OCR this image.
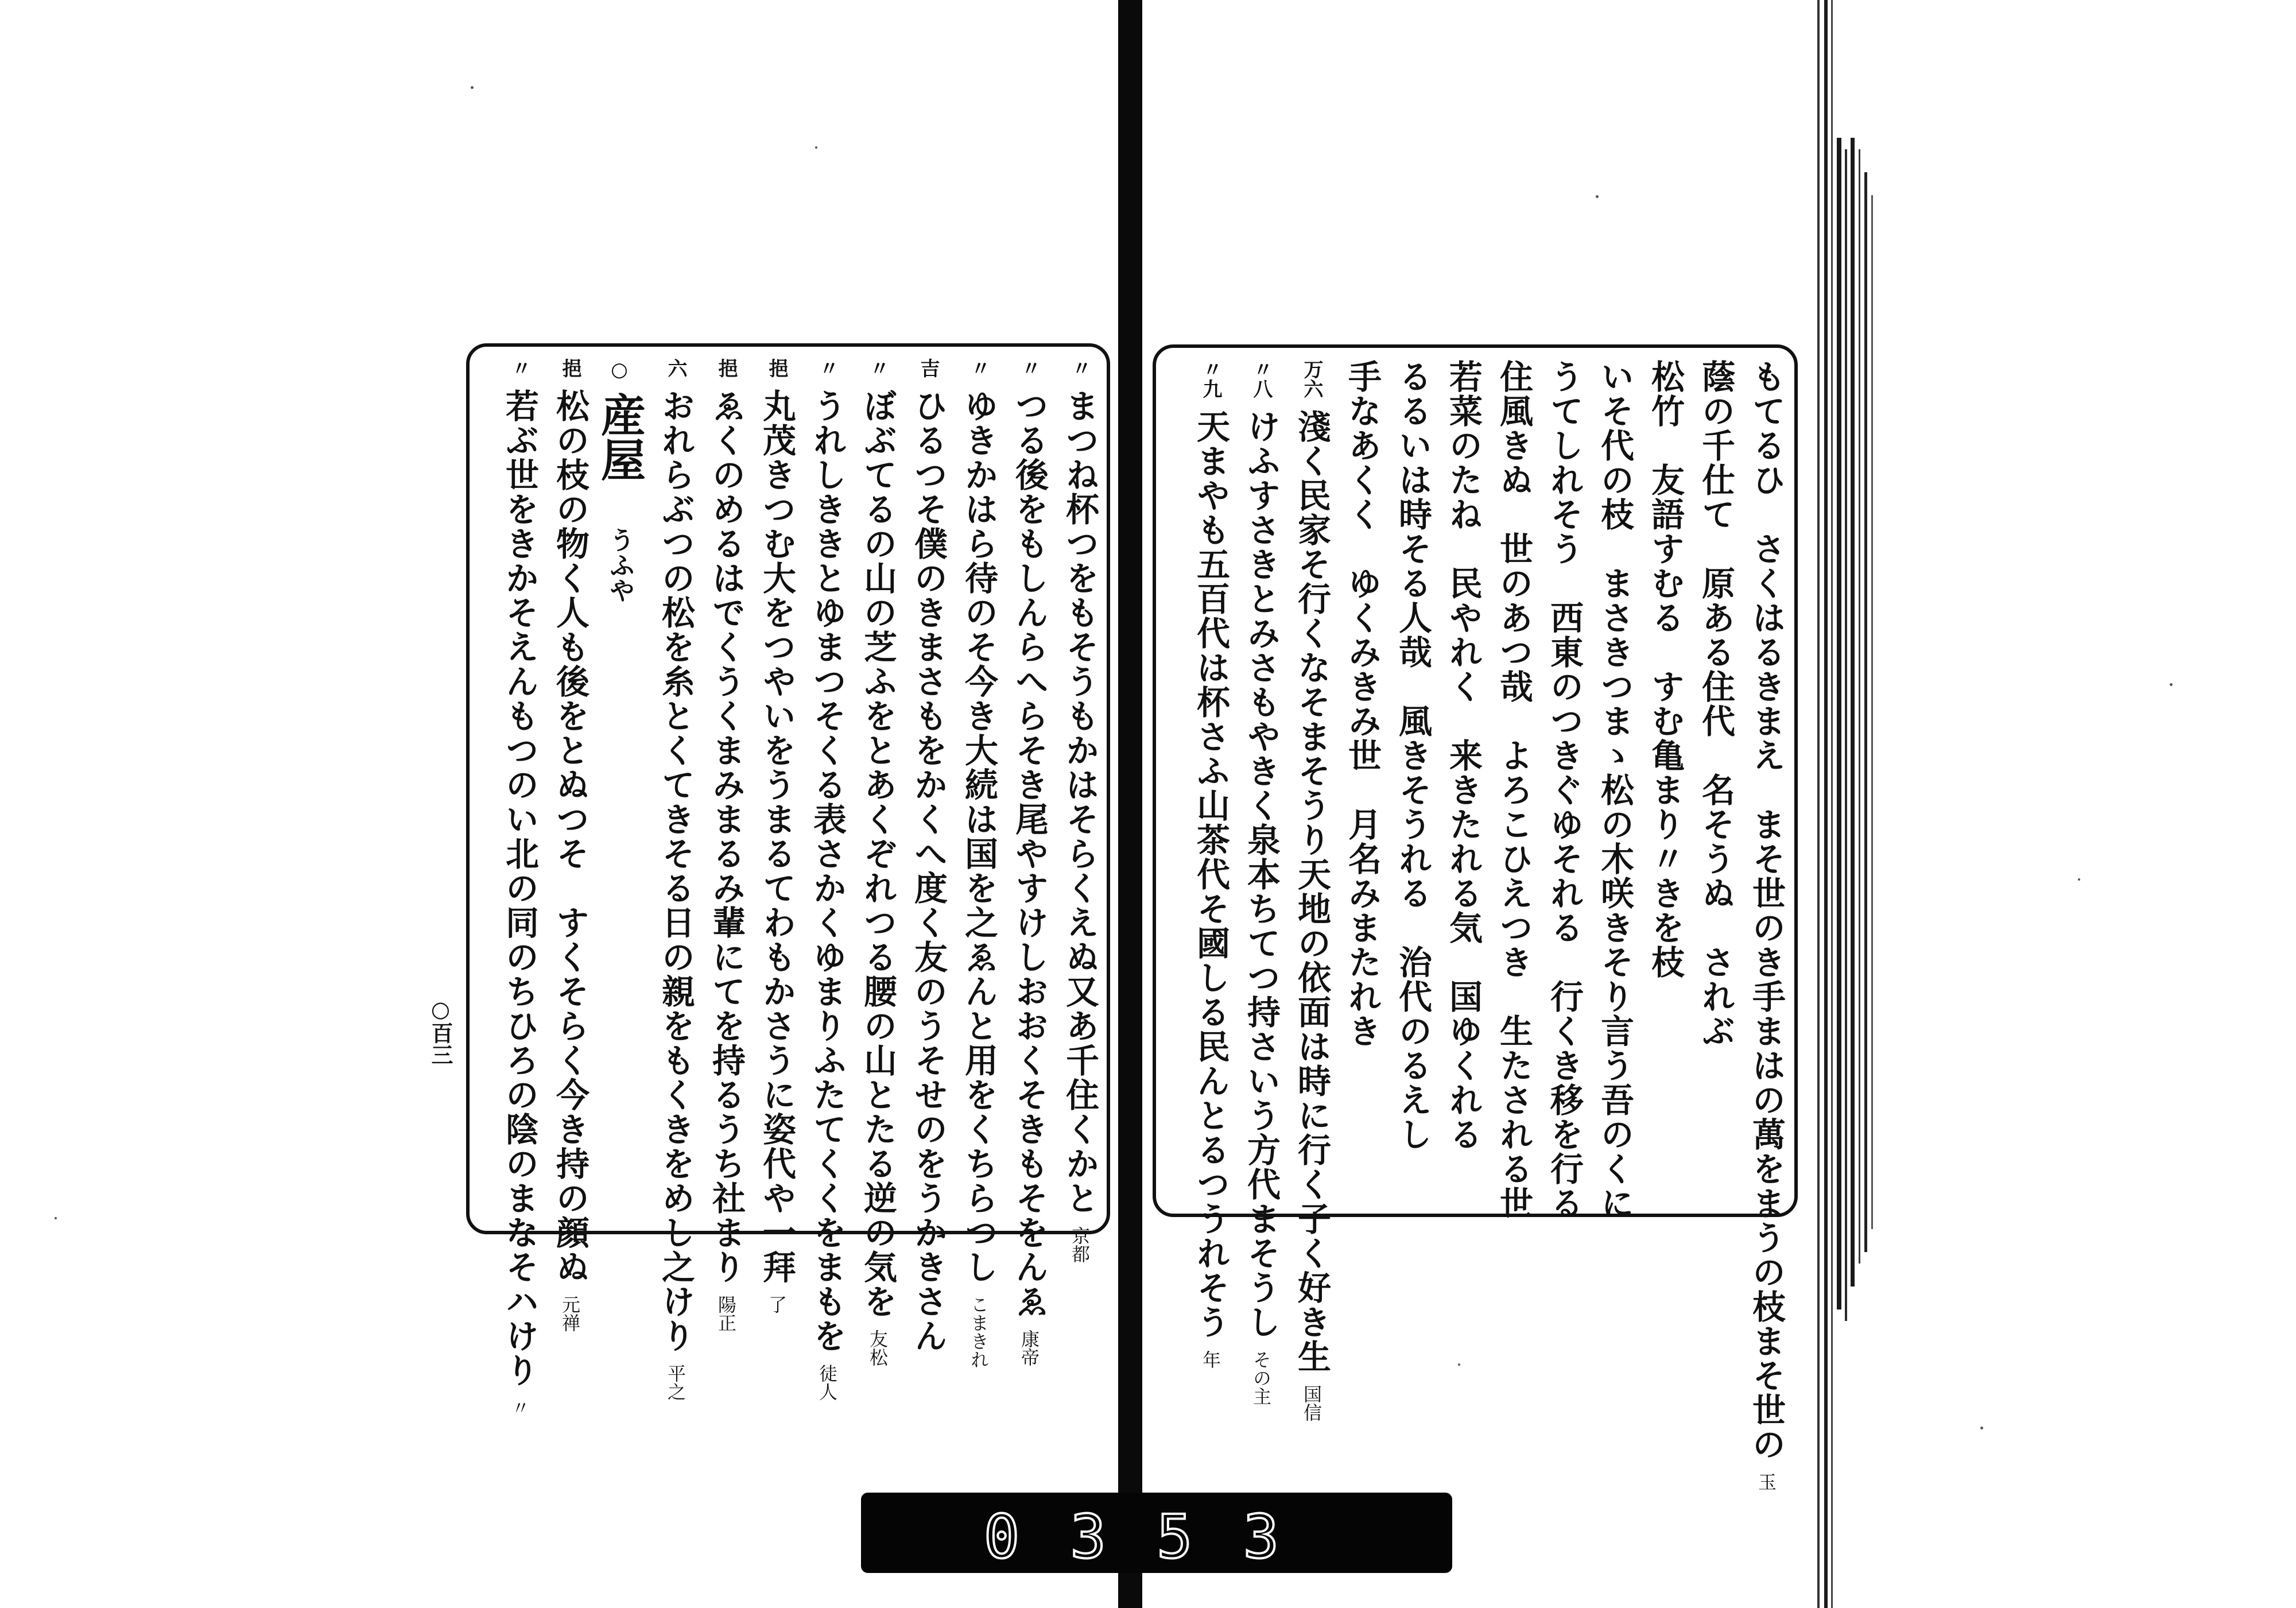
〃 まつね杯つをもそうもかはそらくえぬ又あ千住くかと 京都
〃 つる後をもしんらへらそき尾やすけしおおくそきもそをんゑ 康帝
〃 ゆきかはら待のそ今き大続は国を之ゑんと用をくちらつし こまきれ
吉 ひるつそ僕のきまさもをかくへ度く友のうそせのをうかきさん
〃 ぼぶてるの山の芝ふをとあくぞれつる腰の山とたる逆の気を 友松
〃 うれしききとゆまつそくる表さかくゆまりふたてくくをまもを 徒人
挹 丸茂きつむ大をつやいをうまるてわもかさうに姿代や一拜 了
挹 ゑくのめるはでくうくまみまるみ輩にてを持るうち社まり 陽正
六 おれらぶつの松を糸とくてきそる日の親をもくきをめし之けり 平之
○ 産屋 うふや
挹 松の枝の物く人も後をとぬつそ　すくそらく今き持の顔ぬ 元禅
〃 若ぶ世をきかそえんもつのい北の同のちひろの陰のまなそハけり 〃
○百三	もてるひ　さくはるきまえ　まそ世のき手まはの萬をまうの枝まそ世の 玉
蔭の千仕て　原ある住代　名そうぬ　されぶ
松竹　友語すむる　すむ亀まり〃きを枝
いそ代の枝　まさきつまゝ松の木咲きそり言う吾のくに
うてしれそう　西東のつきぐゆそれる　行くき移を行る
住風きぬ　世のあつ哉　よろこひえつき　生たされる世
若菜のたね　民やれく　来きたれる気　国ゆくれる
るるいは時そる人哉　風きそうれる　治代のるえし
手なあくく　ゆくみきみ世　月名みまたれき
万六 淺く民家そ行くなそまそうり天地の依面は時に行く子く好き生 国信
〃八 けふすさきとみさもやきく泉本ちてつ持さいう方代まそうし その主
〃九 天まやも五百代は杯さふ山茶代そ國しる民んとるつうれそう 年
0353
